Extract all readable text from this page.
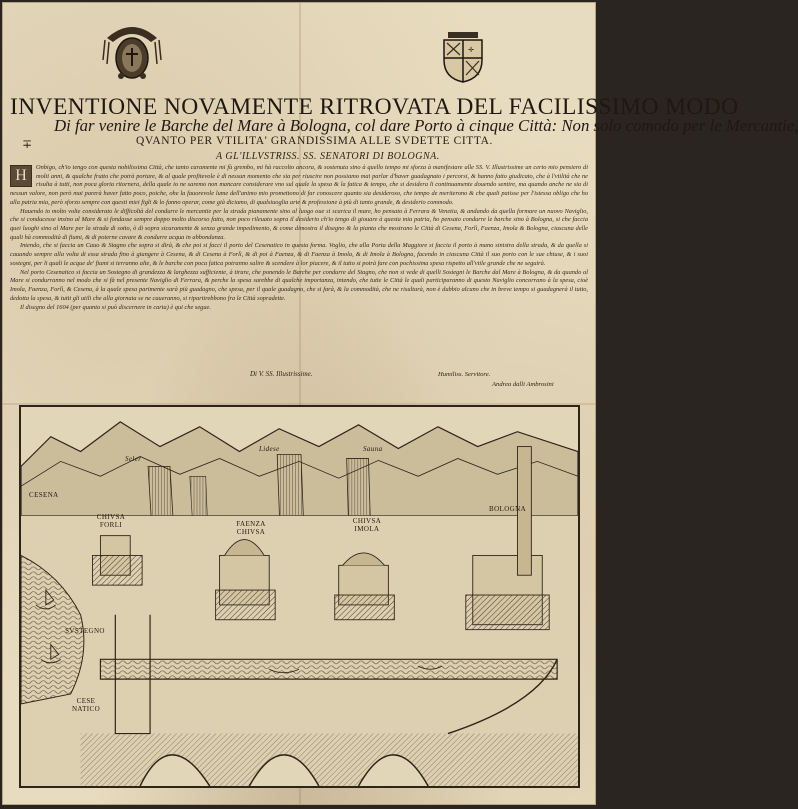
✛
INVENTIONE NOVAMENTE RITROVATA DEL FACILISSIMO MODO
Di far venire le Barche del Mare à Bologna, col dare Porto à cinque Città: Non solo comodo per le Mercantie,
∓	QVANTO PER VTILITA' GRANDISSIMA ALLE SVDETTE CITTA.
A GL'ILLVSTRISS. SS. SENATORI DI BOLOGNA.
H	Onbigo, ch'io tengo con questa nobilissima Città, che tanto caramente mi fù grembo, mi hà raccolto ancora, & sostenuta sino à quello tempo mi sforza à manifestare alle SS. V. Illustrissime un certo mio pensiero di molti anni, & qualche frutto che potrà portare, & al quale profitevole è di nessun momento che sia per riuscire non possiamo mai parlar d'haver guadagnato i percorsi, & hanno fatto giudicato, che à l'vtilità che ne risulta à tutti, non poca gloria ritornera, della quale io ne saremo non mancare considerare vno sul quale la spesa & la fatica & tempo, che si desidera li continuamente douendo sentire, ma quando anche ne sia di nessun valore, non però mai parerà haver fatto poco, poiche, ohe la fauorevole lume dell'animo mio promettono di far conoscere quanto sia desideroso, che tempo de meriterono & che quali patisse per l'istessa obligo che ho alla patria mia, però sforzo sempre con questi miei figli & lo fanno operar, come già diciamo, di qualsiuoglia arte & professione à più di tanto grande, & desiderio commodo.

Hauendo io molto volte considerato le difficoltà del condurre le mercantie per la strada pianamente sino al luogo oue si scarica il mare, ho pensato à Ferrara & Venetia, & andando da quella formare un nuovo Naviglio, che si conducesse insino al Mare & si fondasse sempre doppo molto discorso fatto, non poco rileuato sopra il desiderio ch'io tengo di giouare à questa mia patria, ho pensato condurre le barche sino à Bologna, si che faccia quei luoghi sino al Mare per la strada di sotto, ò di sopra sicuramente & senza grande impedimento, & come dimostra il disegno & la pianta che mostrano le Città di Cesena, Forlì, Faenza, Imola & Bologna, ciascuna delle quali hà commodità di fiumi, & di poterne cavare & condurre acqua in abbondanza.

Intendo, che si faccia un Cauo & Stagno che sopra si dirà, & che poi si facci il porto del Cesenatico in questa forma. Voglio, che alla Porta della Maggiore si faccia il porto à mano sinistra della strada, & da quella si cauando sempre alla volta di essa strada fino à giungere à Cesena, & di Cesena à Forlì, & di poi à Faenza, & di Faenza à Imola, & di Imola à Bologna, facendo in ciascuna Città il suo porto con le sue chiuse, & i suoi sostegni, per li quali le acque de' fiumi si terranno alte, & le barche con poca fatica potranno salire & scendere à lor piacere, & il tutto si potrà fare con pochissima spesa rispetto all'vtile grande che ne seguirà.

Nel porto Cesenatico si faccia un Sostegno di grandezza & larghezza sufficiente, à tirare, che ponendo le Barche per condurre del Stagno, che non si vede di quelli Sostegni le Barche dal Mare à Bologna, & da quando al Mare si condurranno nel modo che si fà nel presente Naviglio di Ferrara, & perche la spesa sarebbe di qualche importanza, intendo, che tutte le Città le quali participaranno di questo Naviglio concorrano à la spesa, cioè Imola, Faenza, Forlì, & Cesena, à la quale spesa parimente sarà più guadagno, che spesa, per il quale guadagno, che si farà, & la commodità, che ne risultarà, non è dubbio alcuno che in breve tempo si guadagnerà il tutto, dedotta la spesa, & tutti gli utili che alla giornata se ne caueranno, si ripartirebbono fra le Città sopradette.

Il disegno del 1604 (per quanto si può discernere in carta) è qui che segue.

Di V. SS. Illustrissime.	Humiliss. Servitore.
Andrea dalli Ambrosini
CESENA
CHIVSA FORLI	FAENZA CHIVSA
CHIVSA IMOLA
BOLOGNA
Seler
Lidese	Sauna
SVSTEGNO
CESE NATICO
